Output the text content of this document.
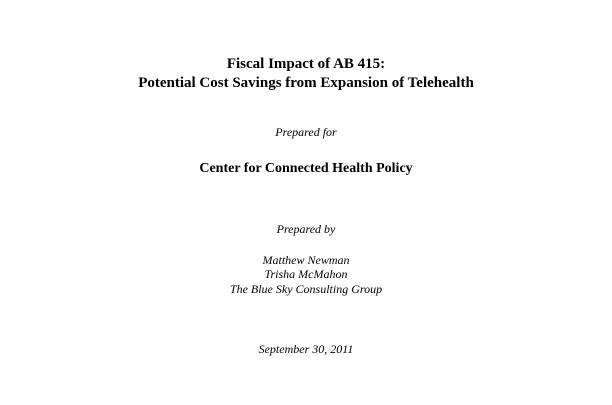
Fiscal Impact of AB 415:
Potential Cost Savings from Expansion of Telehealth
Prepared for
Center for Connected Health Policy
Prepared by
Matthew Newman
Trisha McMahon
The Blue Sky Consulting Group
September 30, 2011
